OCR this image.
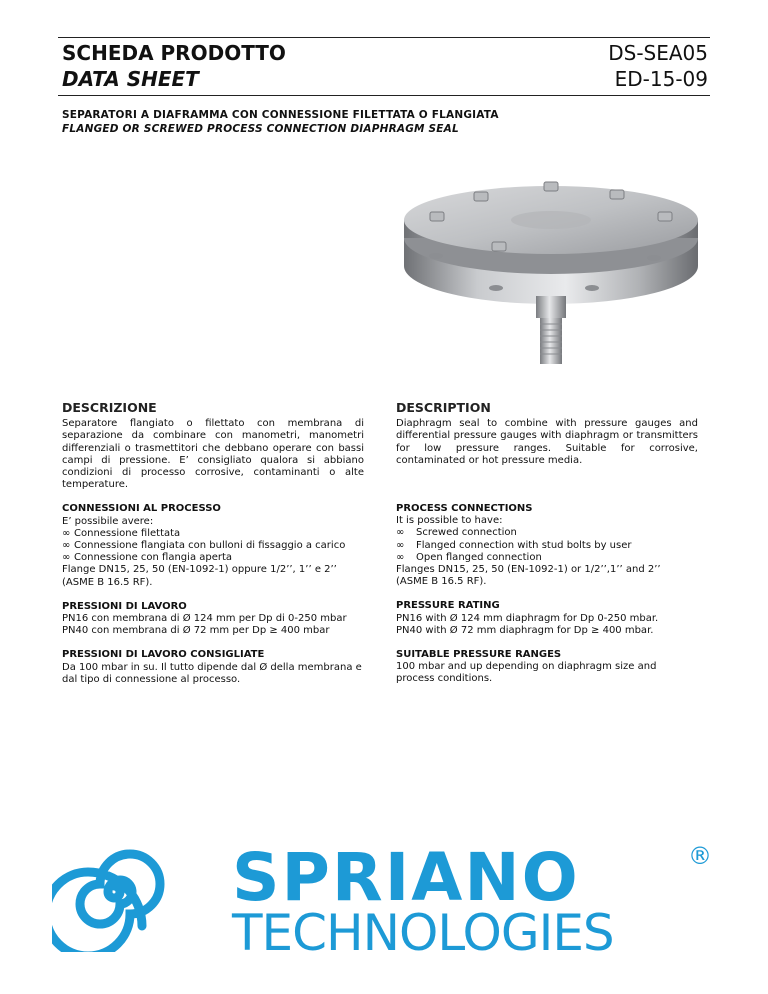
SCHEDA PRODOTTO
DATA SHEET
DS-SEA05
ED-15-09
SEPARATORI A DIAFRAMMA CON CONNESSIONE FILETTATA O FLANGIATA
FLANGED OR SCREWED PROCESS CONNECTION DIAPHRAGM SEAL
DESCRIZIONE

Separatore flangiato o filettato con membrana di separazione da combinare con manometri, manometri differenziali o trasmettitori che debbano operare con bassi campi di pressione. E’ consigliato qualora si abbiano condizioni di processo corrosive, contaminanti o alte temperature.

CONNESSIONI AL PROCESSO
E’ possibile avere:
∞ Connessione filettata
∞ Connessione flangiata con bulloni di fissaggio a carico
∞ Connessione con flangia aperta
Flange DN15, 25, 50 (EN-1092-1) oppure 1/2’’, 1’’ e 2’’
(ASME B 16.5 RF).
PRESSIONI DI LAVORO
PN16 con membrana di Ø 124 mm per Dp di 0-250 mbar
PN40 con membrana di Ø 72 mm per Dp ≥ 400 mbar
PRESSIONI DI LAVORO CONSIGLIATE

Da 100 mbar in su. Il tutto dipende dal Ø della membrana e dal tipo di connessione al processo.

DESCRIPTION

Diaphragm seal to combine with pressure gauges and differential pressure gauges with diaphragm or transmitters for low pressure ranges. Suitable for corrosive, contaminated or hot pressure media.

PROCESS CONNECTIONS
It is possible to have:
∞ Screwed connection
∞ Flanged connection with stud bolts by user
∞ Open flanged connection
Flanges DN15, 25, 50 (EN-1092-1) or 1/2’’,1’’ and 2’’
(ASME B 16.5 RF).
PRESSURE RATING
PN16 with Ø 124 mm diaphragm for Dp 0-250 mbar.
PN40 with Ø 72 mm diaphragm for Dp ≥ 400 mbar.
SUITABLE PRESSURE RANGES

100 mbar and up depending on diaphragm size and process conditions.

SPRIANO	®
TECHNOLOGIES
